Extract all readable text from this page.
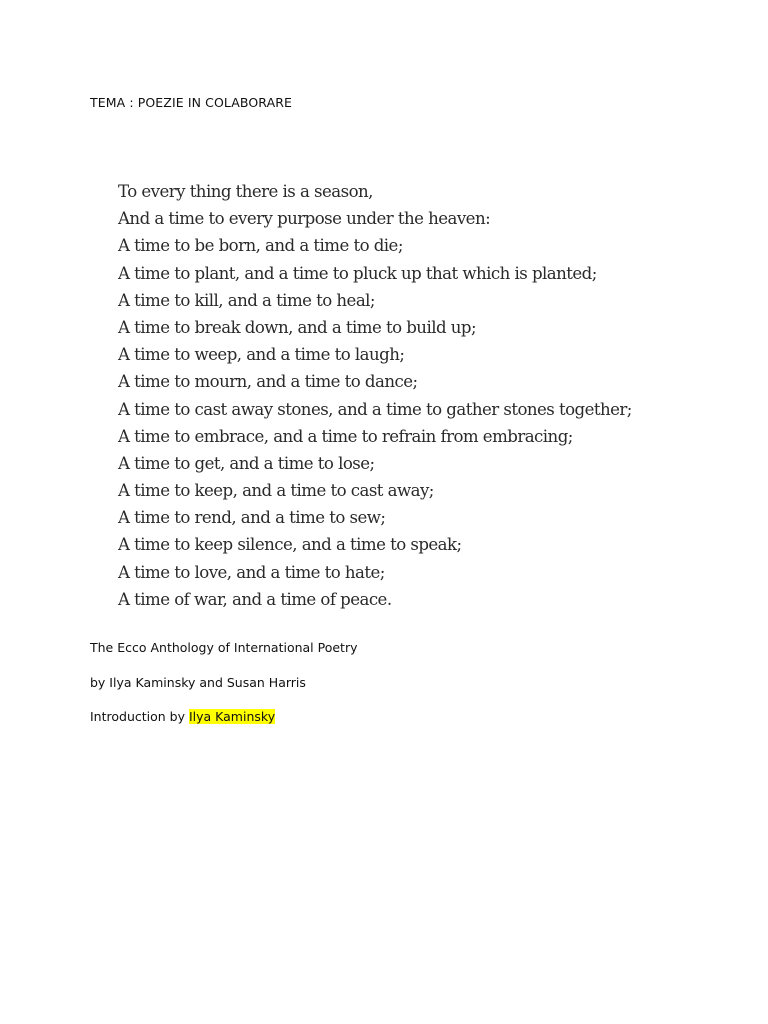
TEMA : POEZIE IN COLABORARE
To every thing there is a season,
And a time to every purpose under the heaven:
A time to be born, and a time to die;
A time to plant, and a time to pluck up that which is planted;
A time to kill, and a time to heal;
A time to break down, and a time to build up;
A time to weep, and a time to laugh;
A time to mourn, and a time to dance;
A time to cast away stones, and a time to gather stones together;
A time to embrace, and a time to refrain from embracing;
A time to get, and a time to lose;
A time to keep, and a time to cast away;
A time to rend, and a time to sew;
A time to keep silence, and a time to speak;
A time to love, and a time to hate;
A time of war, and a time of peace.
The Ecco Anthology of International Poetry
by Ilya Kaminsky and Susan Harris
Introduction by Ilya Kaminsky
